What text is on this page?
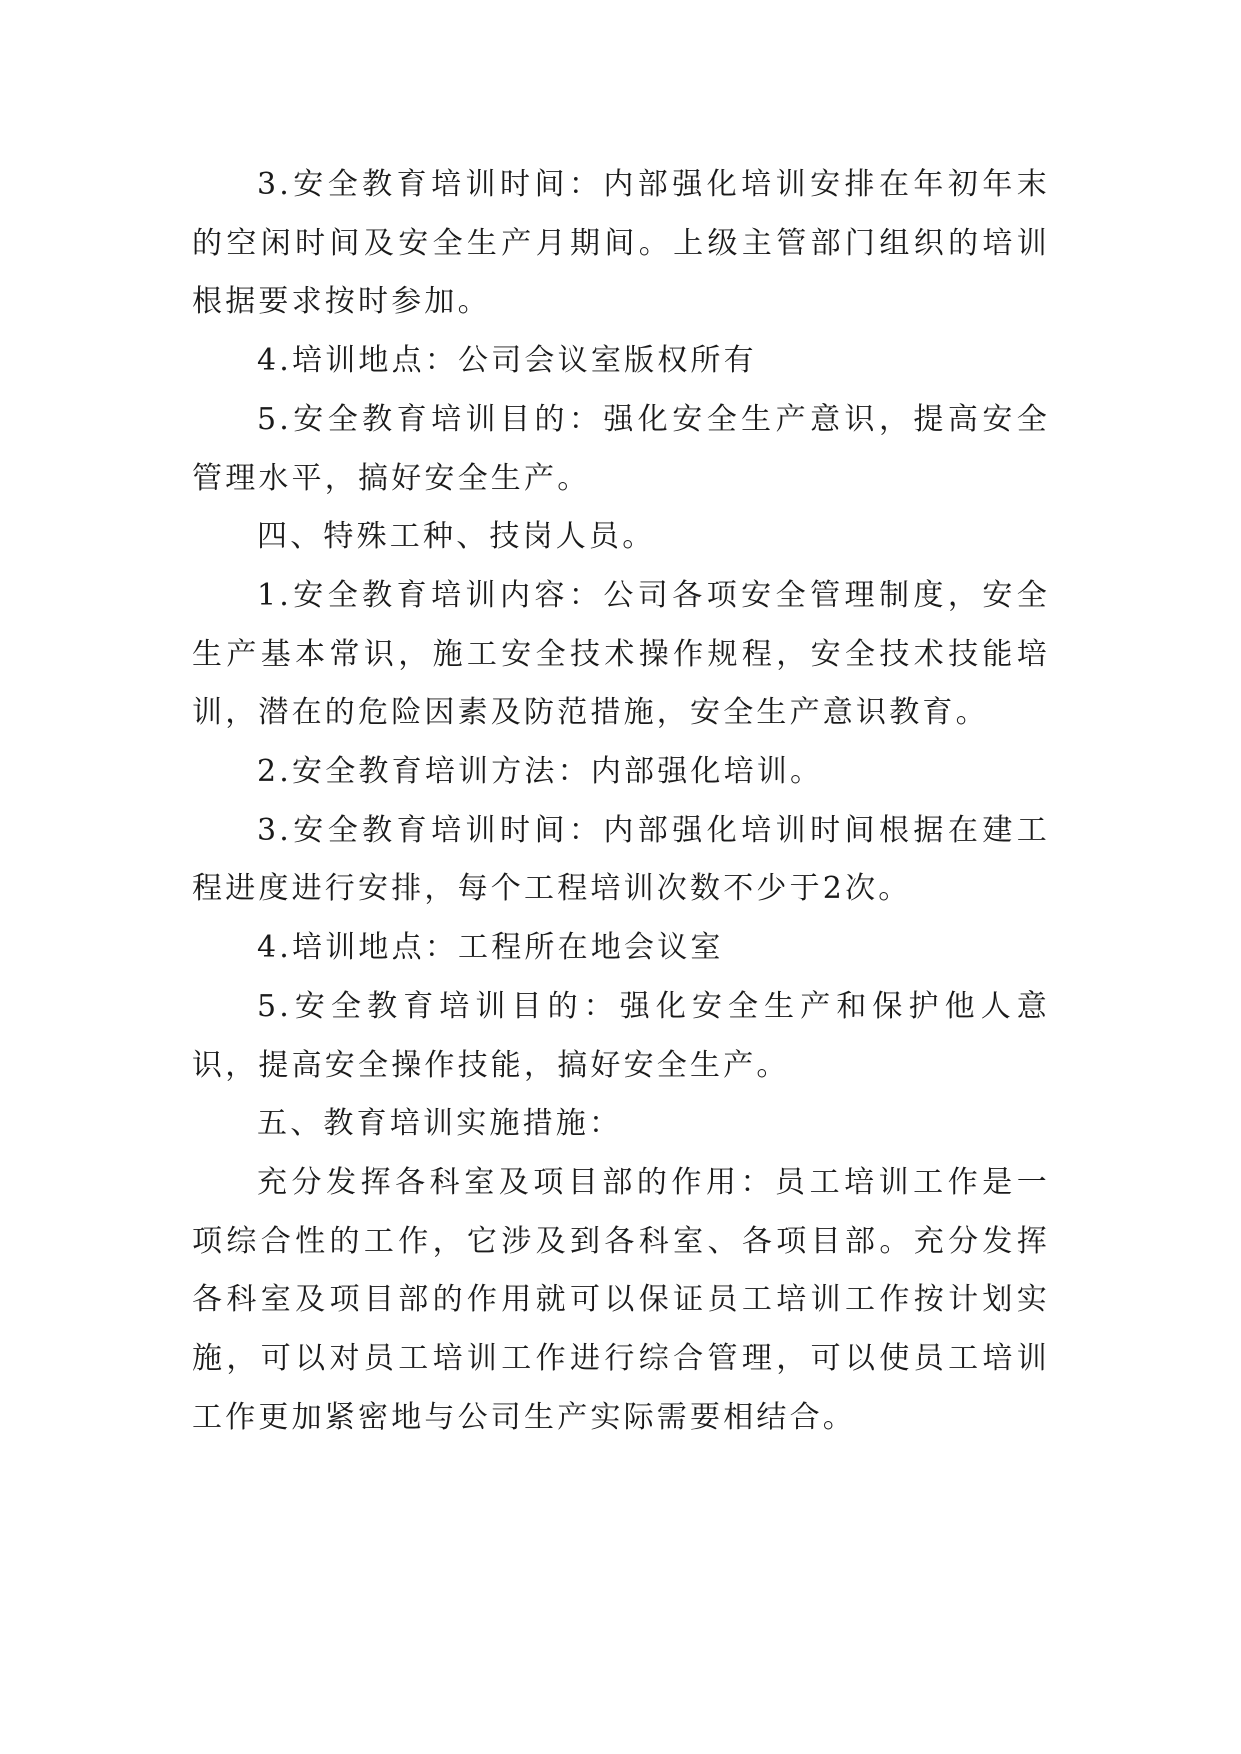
3.安全教育培训时间：内部强化培训安排在年初年末的空闲时间及安全生产月期间。上级主管部门组织的培训根据要求按时参加。

4.培训地点：公司会议室版权所有

5.安全教育培训目的：强化安全生产意识，提高安全管理水平，搞好安全生产。

四、特殊工种、技岗人员。

1.安全教育培训内容：公司各项安全管理制度，安全生产基本常识，施工安全技术操作规程，安全技术技能培训，潜在的危险因素及防范措施，安全生产意识教育。

2.安全教育培训方法：内部强化培训。

3.安全教育培训时间：内部强化培训时间根据在建工程进度进行安排，每个工程培训次数不少于2次。

4.培训地点：工程所在地会议室

5.安全教育培训目的：强化安全生产和保护他人意识，提高安全操作技能，搞好安全生产。

五、教育培训实施措施：

充分发挥各科室及项目部的作用：员工培训工作是一项综合性的工作，它涉及到各科室、各项目部。充分发挥各科室及项目部的作用就可以保证员工培训工作按计划实施，可以对员工培训工作进行综合管理，可以使员工培训工作更加紧密地与公司生产实际需要相结合。
